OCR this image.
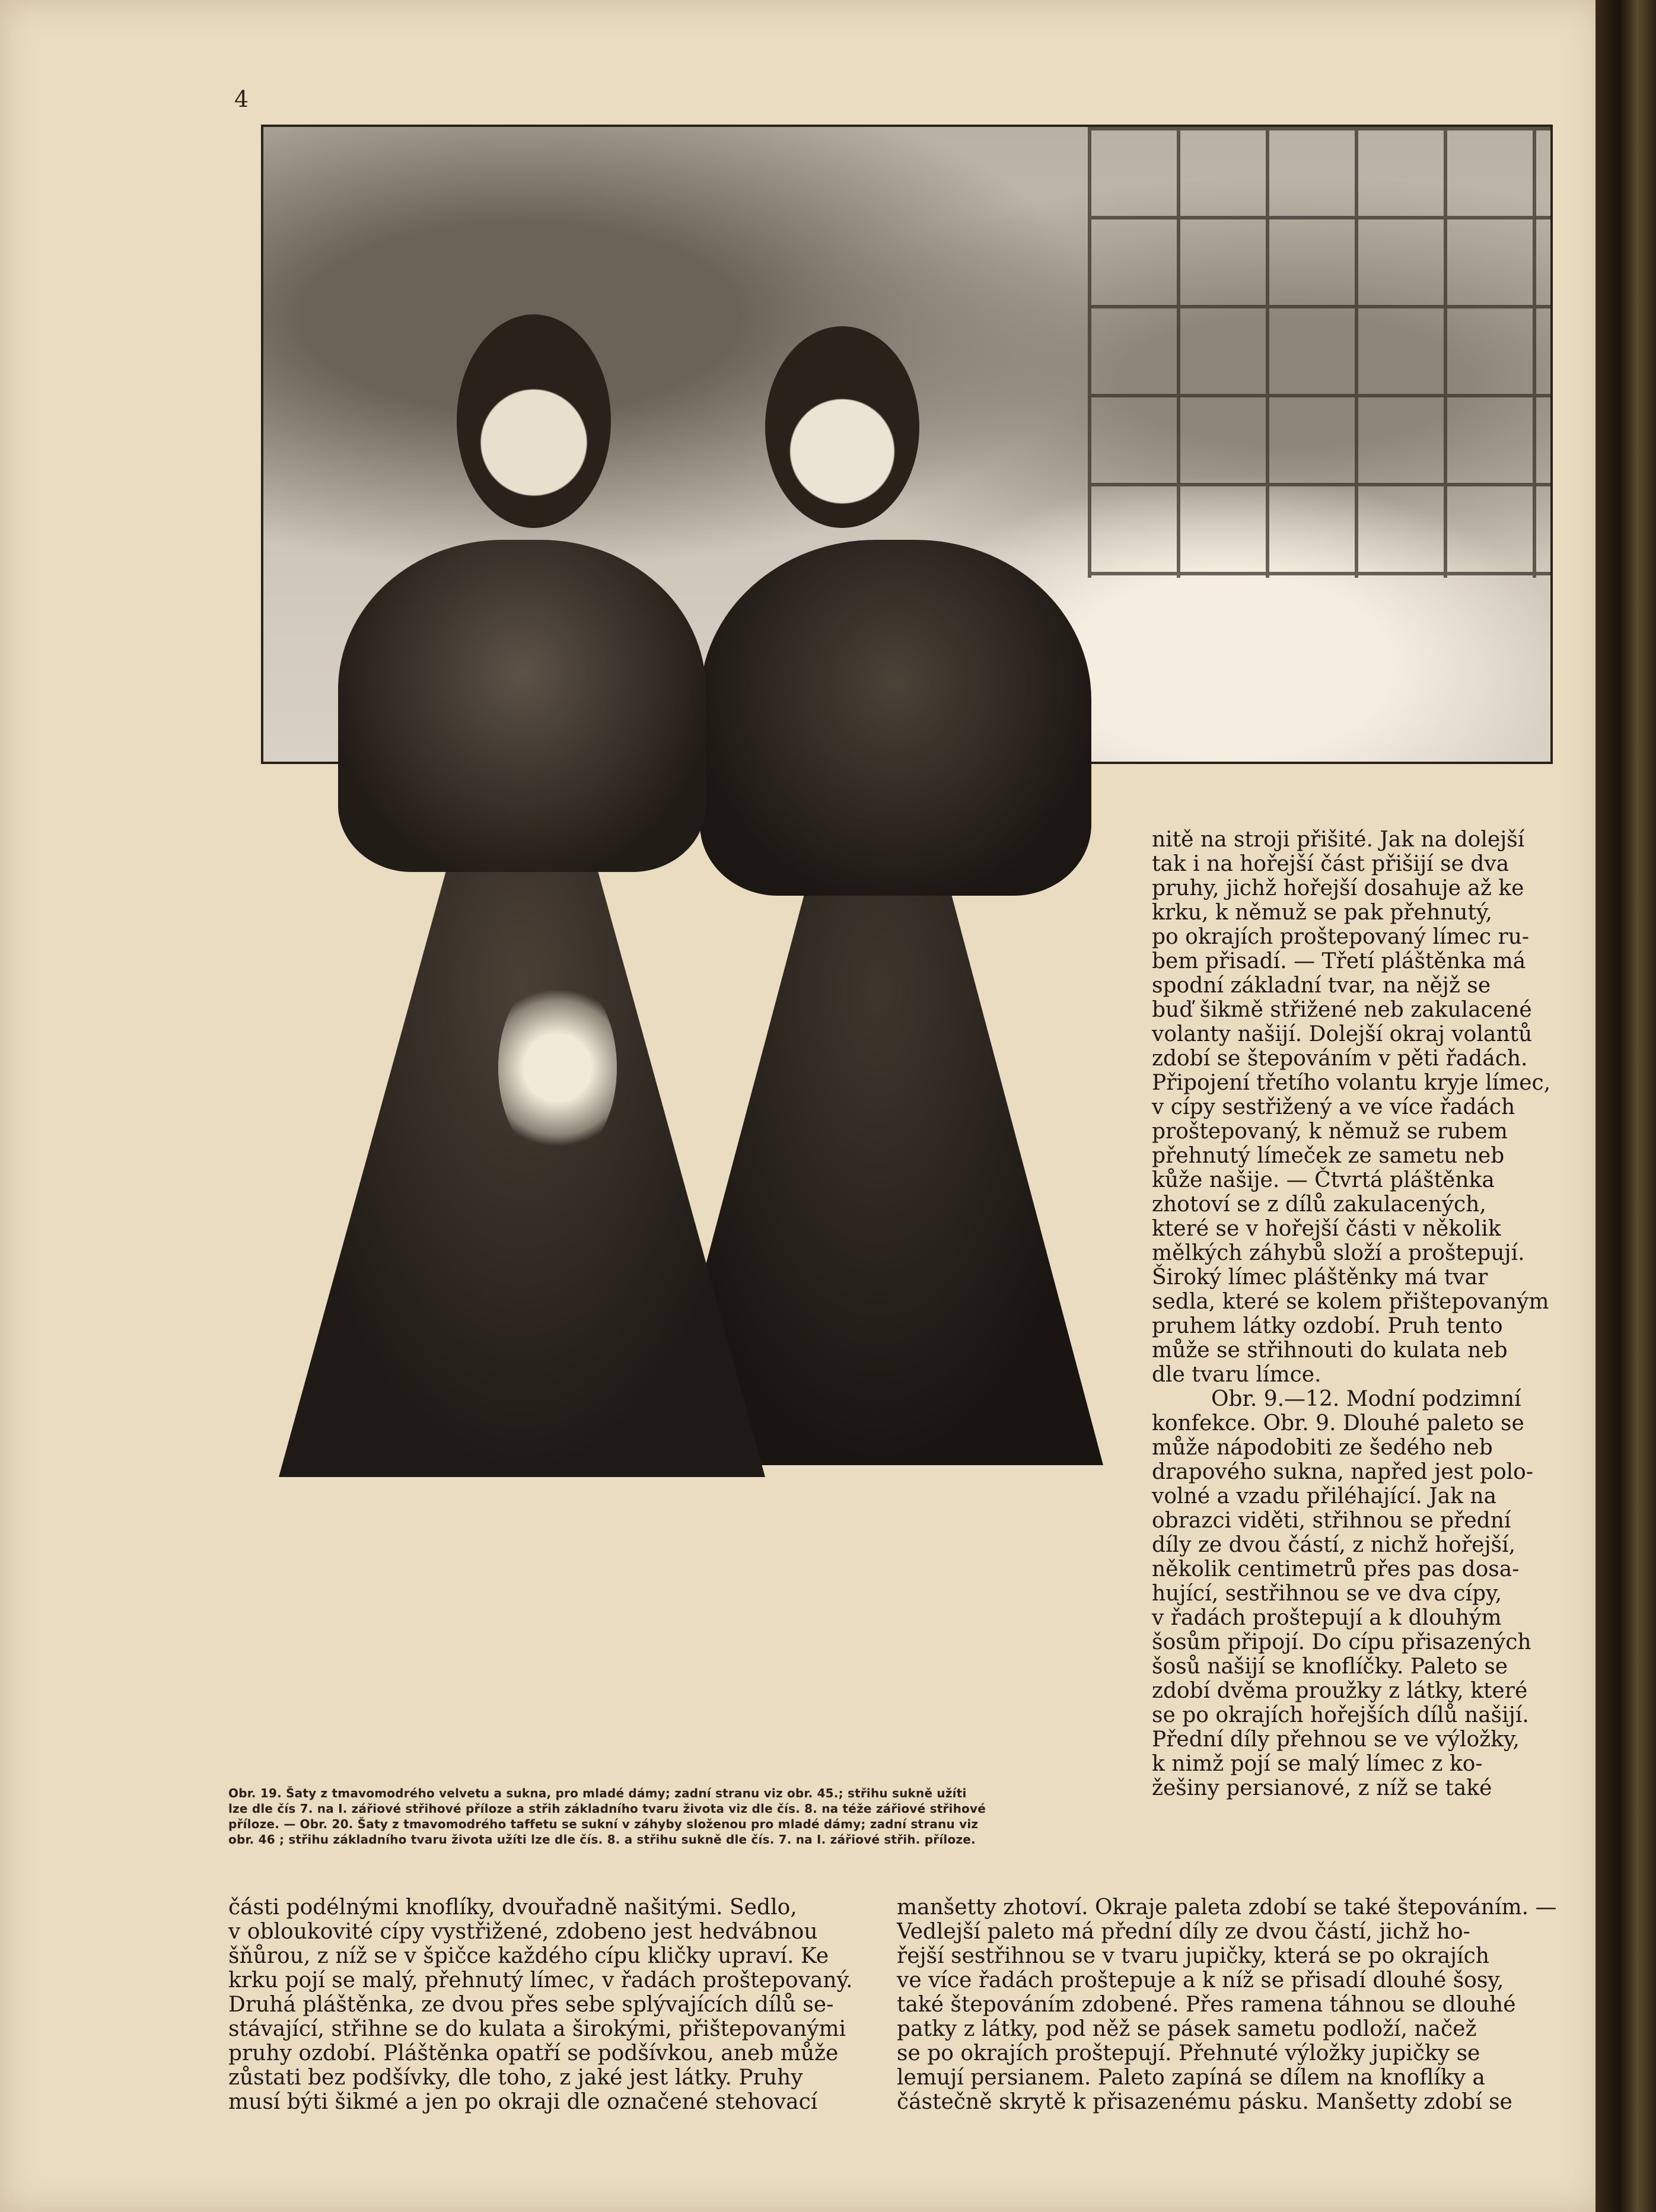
4
Obr. 19. Šaty z tmavomodrého velvetu a sukna, pro mladé dámy; zadní stranu viz obr. 45.; střihu sukně užíti
lze dle čís 7. na I. zářiové střihové příloze a střih základního tvaru života viz dle čís. 8. na téže zářiové střihové
příloze. — Obr. 20. Šaty z tmavomodrého taffetu se sukní v záhyby složenou pro mladé dámy; zadní stranu viz
obr. 46 ; střihu základního tvaru života užíti lze dle čís. 8. a střihu sukně dle čís. 7. na I. zářiové střih. příloze.
nitě na stroji přišité. Jak na dolejší
tak i na hořejší část přišijí se dva
pruhy, jichž hořejší dosahuje až ke
krku, k němuž se pak přehnutý,
po okrajích proštepovaný límec ru-
bem přisadí. — Třetí pláštěnka má
spodní základní tvar, na nějž se
buď šikmě střižené neb zakulacené
volanty našijí. Dolejší okraj volantů
zdobí se štepováním v pěti řadách.
Připojení třetího volantu kryje límec,
v cípy sestřižený a ve více řadách
proštepovaný, k němuž se rubem
přehnutý límeček ze sametu neb
kůže našije. — Čtvrtá pláštěnka
zhotoví se z dílů zakulacených,
které se v hořejší části v několik
mělkých záhybů složí a proštepují.
Široký límec pláštěnky má tvar
sedla, které se kolem přištepovaným
pruhem látky ozdobí. Pruh tento
může se střihnouti do kulata neb
dle tvaru límce.
Obr. 9.—12. Modní podzimní
konfekce. Obr. 9. Dlouhé paleto se
může nápodobiti ze šedého neb
drapového sukna, napřed jest polo-
volné a vzadu přiléhající. Jak na
obrazci viděti, střihnou se přední
díly ze dvou částí, z nichž hořejší,
několik centimetrů přes pas dosa-
hující, sestřihnou se ve dva cípy,
v řadách proštepují a k dlouhým
šosům připojí. Do cípu přisazených
šosů našijí se knoflíčky. Paleto se
zdobí dvěma proužky z látky, které
se po okrajích hořejších dílů našijí.
Přední díly přehnou se ve výložky,
k nimž pojí se malý límec z ko-
žešiny persianové, z níž se také
části podélnými knoflíky, dvouřadně našitými. Sedlo,
v obloukovité cípy vystřižené, zdobeno jest hedvábnou
šňůrou, z níž se v špičce každého cípu kličky upraví. Ke
krku pojí se malý, přehnutý límec, v řadách proštepovaný.
Druhá pláštěnka, ze dvou přes sebe splývajících dílů se-
stávající, střihne se do kulata a širokými, přištepovanými
pruhy ozdobí. Pláštěnka opatří se podšívkou, aneb může
zůstati bez podšívky, dle toho, z jaké jest látky. Pruhy
musí býti šikmé a jen po okraji dle označené stehovací
manšetty zhotoví. Okraje paleta zdobí se také štepováním. —
Vedlejší paleto má přední díly ze dvou částí, jichž ho-
řejší sestřihnou se v tvaru jupičky, která se po okrajích
ve více řadách proštepuje a k níž se přisadí dlouhé šosy,
také štepováním zdobené. Přes ramena táhnou se dlouhé
patky z látky, pod něž se pásek sametu podloží, načež
se po okrajích proštepují. Přehnuté výložky jupičky se
lemují persianem. Paleto zapíná se dílem na knoflíky a
částečně skrytě k přisazenému pásku. Manšetty zdobí se
